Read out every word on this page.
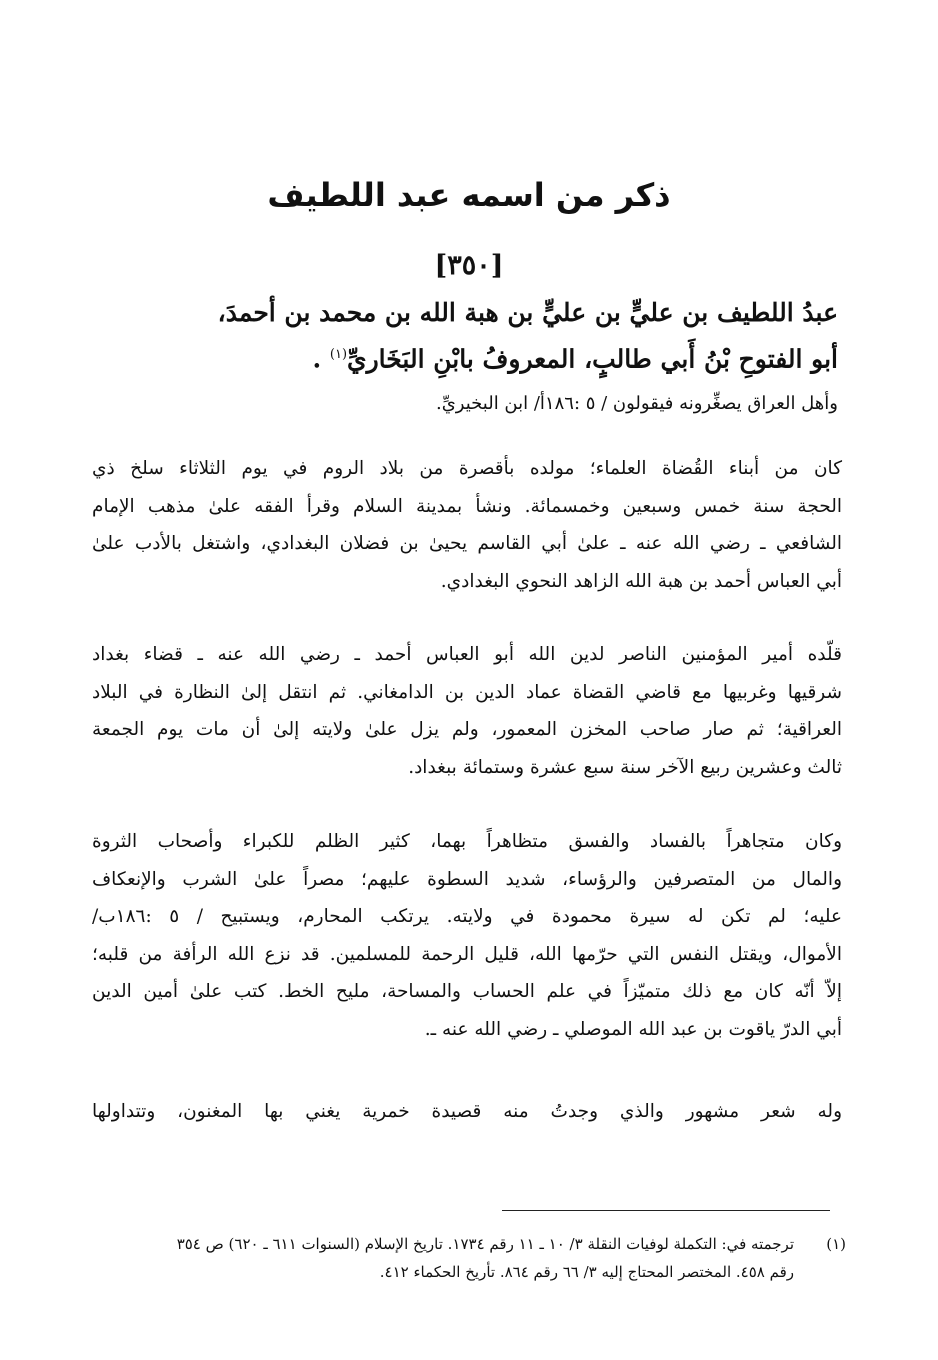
ذكر من اسمه عبد اللطيف
[٣٥٠]
عبدُ اللطيف بن عليٍّ بن عليٍّ بن هبة الله بن محمد بن أحمدَ،
أبو الفتوحِ بْنُ أَبي طالبٍ، المعروفُ بابْنِ البَخَاريِّ$^{(١)}$ .
وأهل العراق يصغِّرونه فيقولون / ٥ :١٨٦أ/ ابن البخيريِّ.

كان من أبناء القُضاة العلماء؛ مولده بأقصرة من بلاد الروم في يوم الثلاثاء سلخ ذي
الحجة سنة خمس وسبعين وخمسمائة. ونشأ بمدينة السلام وقرأ الفقه علىٰ مذهب الإمام
الشافعي ـ رضي الله عنه ـ علىٰ أبي القاسم يحيىٰ بن فضلان البغدادي، واشتغل بالأدب علىٰ
أبي العباس أحمد بن هبة الله الزاهد النحوي البغدادي.

قلّده أمير المؤمنين الناصر لدين الله أبو العباس أحمد ـ رضي الله عنه ـ قضاء بغداد
شرقيها وغربيها مع قاضي القضاة عماد الدين بن الدامغاني. ثم انتقل إلىٰ النظارة في البلاد
العراقية؛ ثم صار صاحب المخزن المعمور، ولم يزل علىٰ ولايته إلىٰ أن مات يوم الجمعة
ثالث وعشرين ربيع الآخر سنة سبع عشرة وستمائة ببغداد.

وكان متجاهراً بالفساد والفسق متظاهراً بهما، كثير الظلم للكبراء وأصحاب الثروة
والمال من المتصرفين والرؤساء، شديد السطوة عليهم؛ مصراً علىٰ الشرب والإنعكاف
عليه؛ لم تكن له سيرة محمودة في ولايته. يرتكب المحارم، ويستبيح / ٥ :١٨٦ب/
الأموال، ويقتل النفس التي حرّمها الله، قليل الرحمة للمسلمين. قد نزع الله الرأفة من قلبه؛
إلاّ أنّه كان مع ذلك متميّزاً في علم الحساب والمساحة، مليح الخط. كتب علىٰ أمين الدين
أبي الدرّ ياقوت بن عبد الله الموصلي ـ رضي الله عنه ـ.

وله شعر مشهور والذي وجدتُ منه قصيدة خمرية يغني بها المغنون، وتتداولها

(١)
ترجمته في: التكملة لوفيات النقلة ٣/ ١٠ ـ ١١ رقم ١٧٣٤. تاريخ الإسلام (السنوات ٦١١ ـ ٦٢٠) ص ٣٥٤
رقم ٤٥٨. المختصر المحتاج إليه ٣/ ٦٦ رقم ٨٦٤. تأريخ الحكماء ٤١٢.
